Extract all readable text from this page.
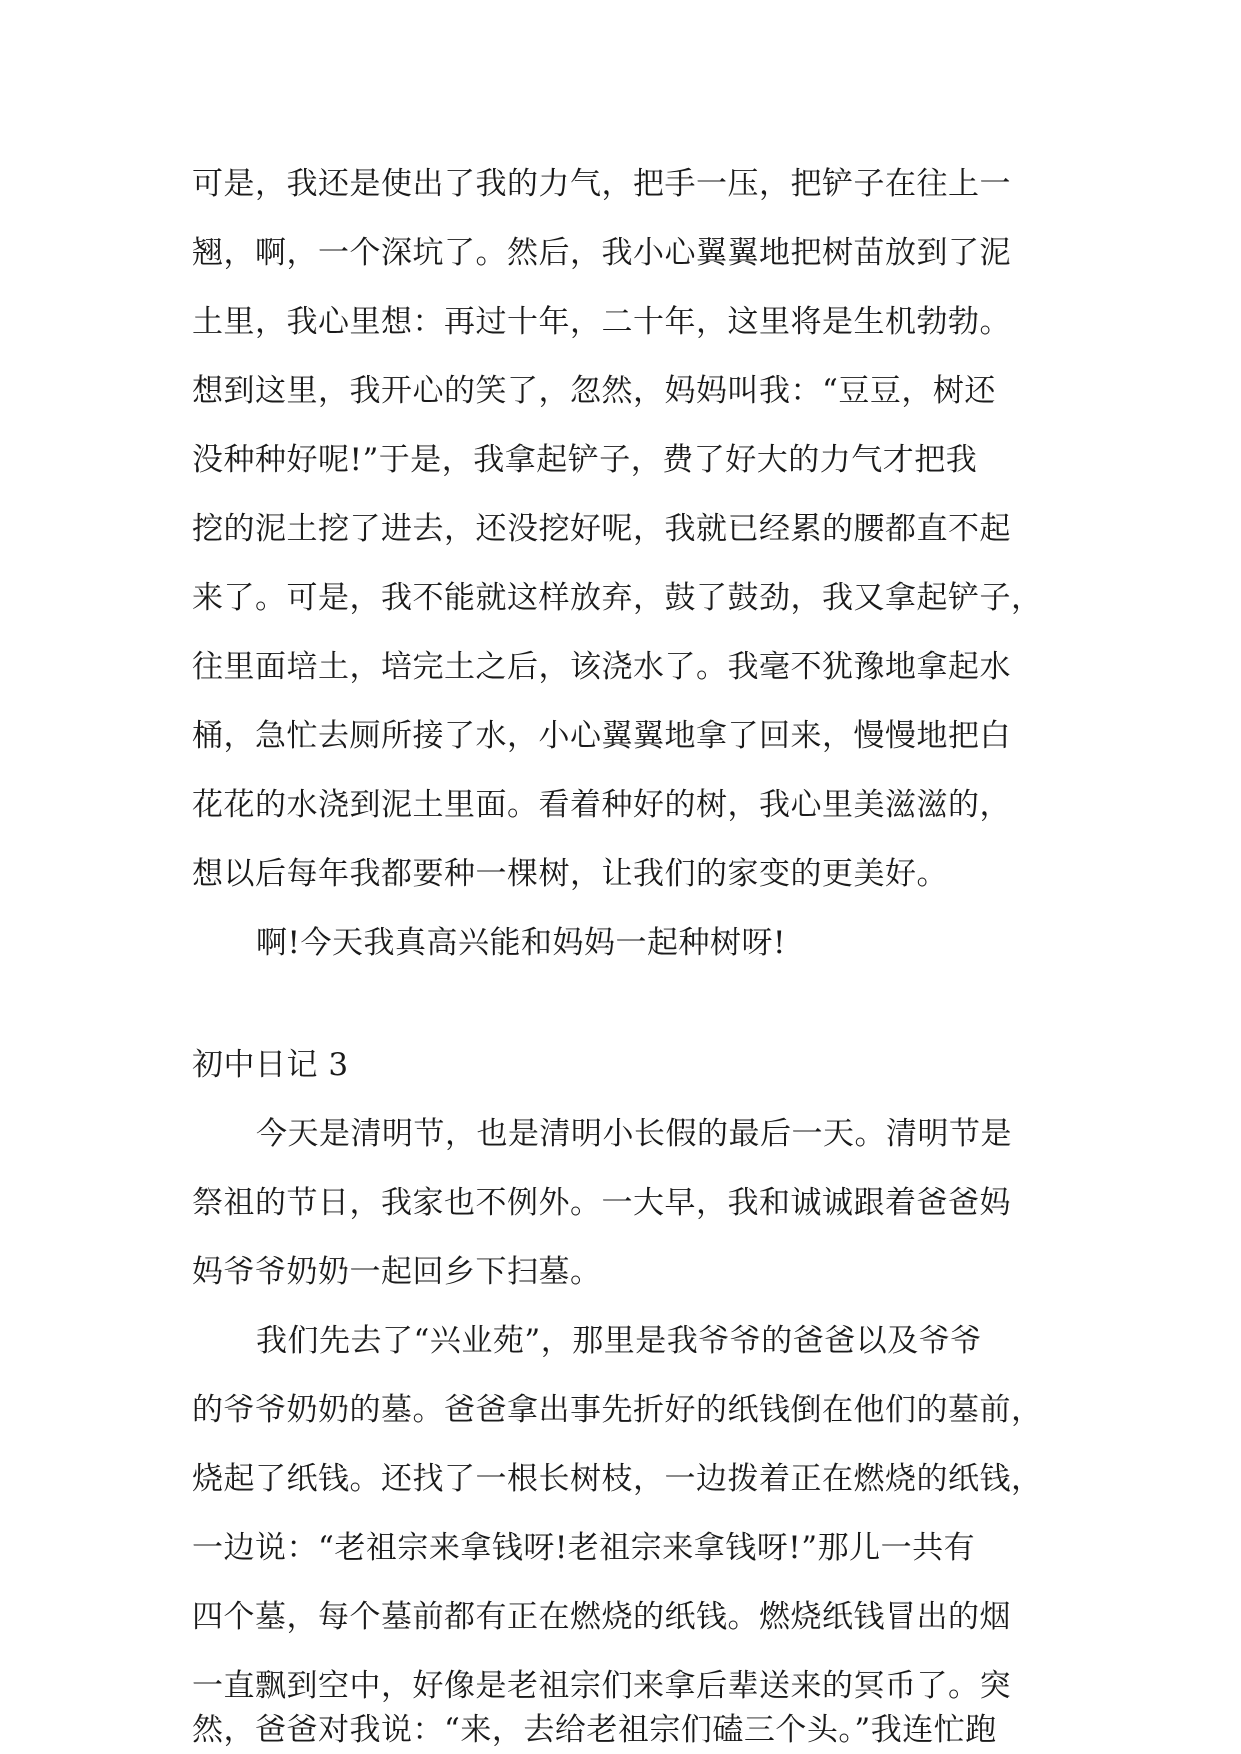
可是，我还是使出了我的力气，把手一压，把铲子在往上一
翘，啊，一个深坑了。然后，我小心翼翼地把树苗放到了泥
土里，我心里想：再过十年，二十年，这里将是生机勃勃。
想到这里，我开心的笑了，忽然，妈妈叫我：“豆豆，树还
没种种好呢!”于是，我拿起铲子，费了好大的力气才把我
挖的泥土挖了进去，还没挖好呢，我就已经累的腰都直不起
来了。可是，我不能就这样放弃，鼓了鼓劲，我又拿起铲子，
往里面培土，培完土之后，该浇水了。我毫不犹豫地拿起水
桶，急忙去厕所接了水，小心翼翼地拿了回来，慢慢地把白
花花的水浇到泥土里面。看着种好的树，我心里美滋滋的，
想以后每年我都要种一棵树，让我们的家变的更美好。
啊!今天我真高兴能和妈妈一起种树呀!
初中日记 3
今天是清明节，也是清明小长假的最后一天。清明节是
祭祖的节日，我家也不例外。一大早，我和诚诚跟着爸爸妈
妈爷爷奶奶一起回乡下扫墓。
我们先去了“兴业苑”，那里是我爷爷的爸爸以及爷爷
的爷爷奶奶的墓。爸爸拿出事先折好的纸钱倒在他们的墓前，
烧起了纸钱。还找了一根长树枝，一边拨着正在燃烧的纸钱，
一边说：“老祖宗来拿钱呀!老祖宗来拿钱呀!”那儿一共有
四个墓，每个墓前都有正在燃烧的纸钱。燃烧纸钱冒出的烟
一直飘到空中，好像是老祖宗们来拿后辈送来的冥币了。突
然，爸爸对我说：“来，去给老祖宗们磕三个头。”我连忙跑
